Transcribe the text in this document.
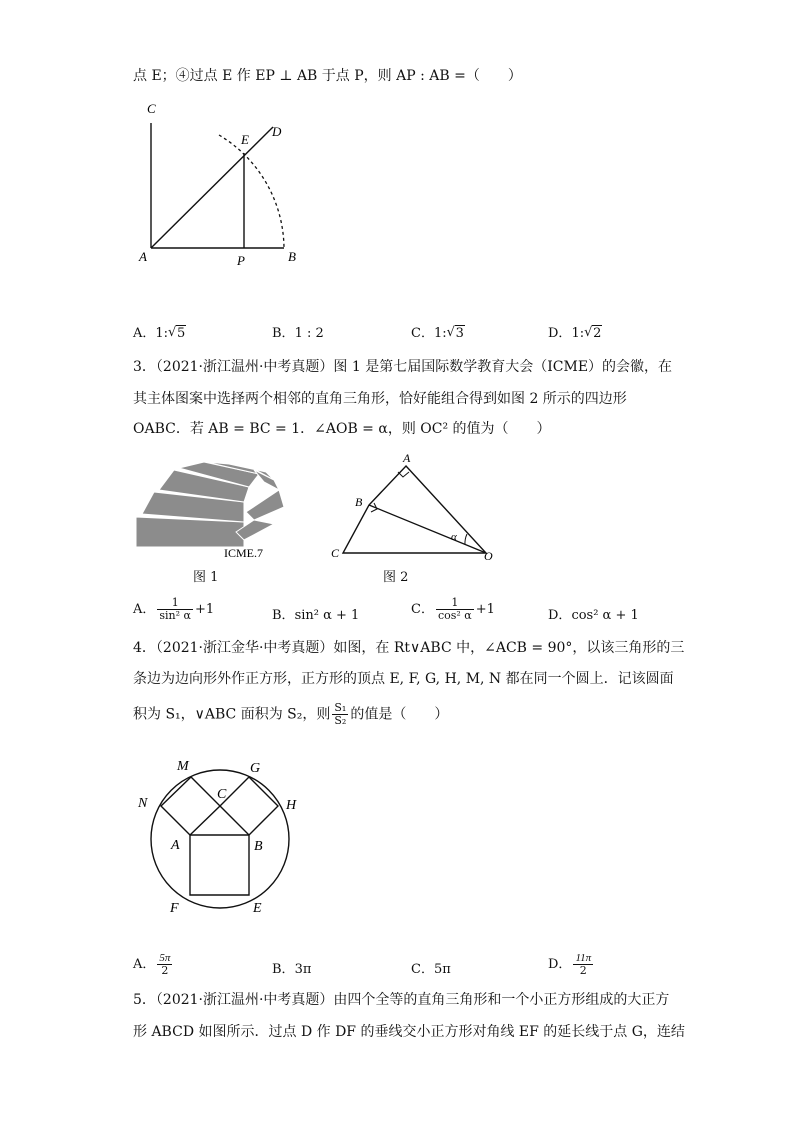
点 E；④过点 E 作 EP ⊥ AB 于点 P，则 AP : AB =（　　）
C
D
E
A	P	B
A．1: √ 5	B．1 : 2	C．1: √ 3	D．1: √ 2
3．（2021·浙江温州·中考真题）图 1 是第七届国际数学教育大会（ICME）的会徽，在
其主体图案中选择两个相邻的直角三角形，恰好能组合得到如图 2 所示的四边形
OABC．若 AB = BC = 1．∠AOB = α，则 OC² 的值为（　　）
ICME.7
图 1
A
B
C	O
α
图 2
A． $\frac{1}{\text{sin² α}} +1$	B．sin² α + 1	C． $\frac{1}{\text{cos² α}} +1$	D．cos² α + 1
4．（2021·浙江金华·中考真题）如图，在 Rt∨ABC 中，∠ACB = 90°，以该三角形的三
条边为边向形外作正方形，正方形的顶点 E, F, G, H, M, N 都在同一个圆上．记该圆面
积为 S₁，∨ABC 面积为 S₂，则 $\frac{\text{S₁}}{\text{S₂}}$ 的值是（　　）
M	G
N
C
H
A	B
F	E
A． $\frac{5\pi}{2}$	B．3π	C．5π	D． $\frac{11\pi}{2}$
5．（2021·浙江温州·中考真题）由四个全等的直角三角形和一个小正方形组成的大正方
形 ABCD 如图所示．过点 D 作 DF 的垂线交小正方形对角线 EF 的延长线于点 G，连结
